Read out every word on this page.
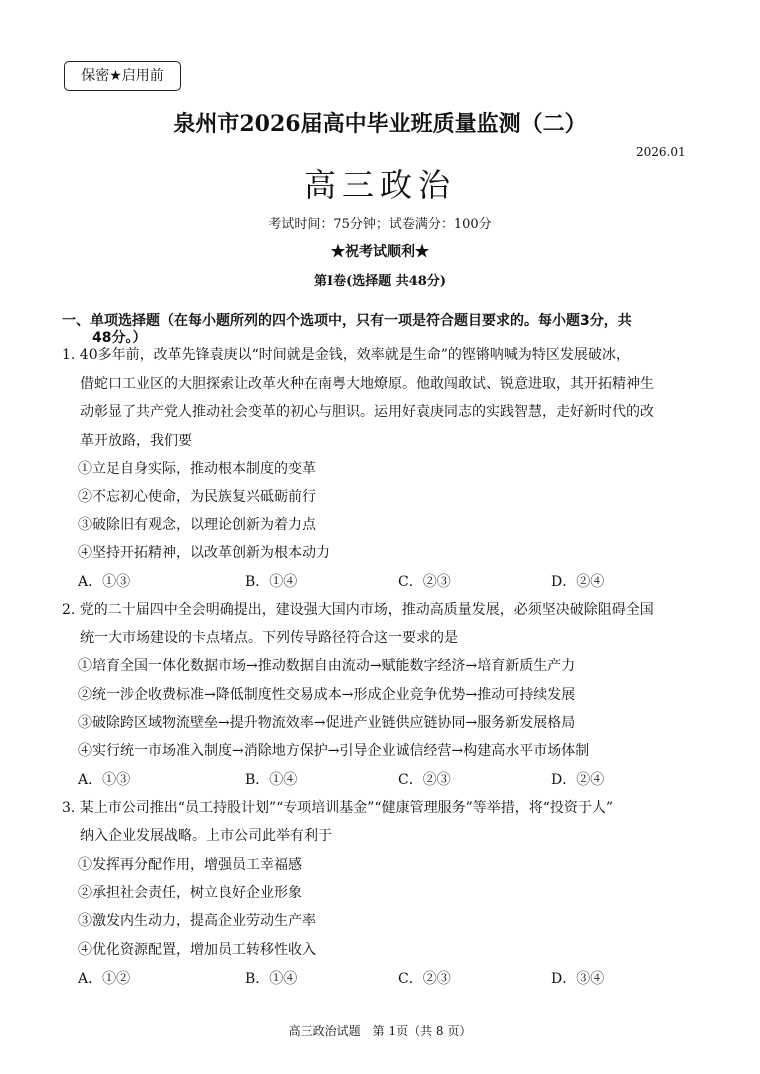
保密★启用前
泉州市2026届高中毕业班质量监测（二）
2026.01
高三政治
考试时间：75分钟；试卷满分：100分
★祝考试顺利★
第Ⅰ卷(选择题 共48分)
一、单项选择题（在每小题所列的四个选项中，只有一项是符合题目要求的。每小题3分，共
48分。）
1. 40多年前，改革先锋袁庚以“时间就是金钱，效率就是生命”的铿锵呐喊为特区发展破冰，
借蛇口工业区的大胆探索让改革火种在南粤大地燎原。他敢闯敢试、锐意进取，其开拓精神生
动彰显了共产党人推动社会变革的初心与胆识。运用好袁庚同志的实践智慧，走好新时代的改
革开放路，我们要
①立足自身实际，推动根本制度的变革
②不忘初心使命，为民族复兴砥砺前行
③破除旧有观念，以理论创新为着力点
④坚持开拓精神，以改革创新为根本动力
A．①③	B．①④	C．②③	D．②④
2. 党的二十届四中全会明确提出，建设强大国内市场，推动高质量发展，必须坚决破除阻碍全国
统一大市场建设的卡点堵点。下列传导路径符合这一要求的是
①培育全国一体化数据市场→推动数据自由流动→赋能数字经济→培育新质生产力
②统一涉企收费标准→降低制度性交易成本→形成企业竞争优势→推动可持续发展
③破除跨区域物流壁垒→提升物流效率→促进产业链供应链协同→服务新发展格局
④实行统一市场准入制度→消除地方保护→引导企业诚信经营→构建高水平市场体制
A．①③	B．①④	C．②③	D．②④
3. 某上市公司推出“员工持股计划”“专项培训基金”“健康管理服务”等举措，将“投资于人”
纳入企业发展战略。上市公司此举有利于
①发挥再分配作用，增强员工幸福感
②承担社会责任，树立良好企业形象
③激发内生动力，提高企业劳动生产率
④优化资源配置，增加员工转移性收入
A．①②	B．①④	C．②③	D．③④
高三政治试题　第 1页（共 8 页）
